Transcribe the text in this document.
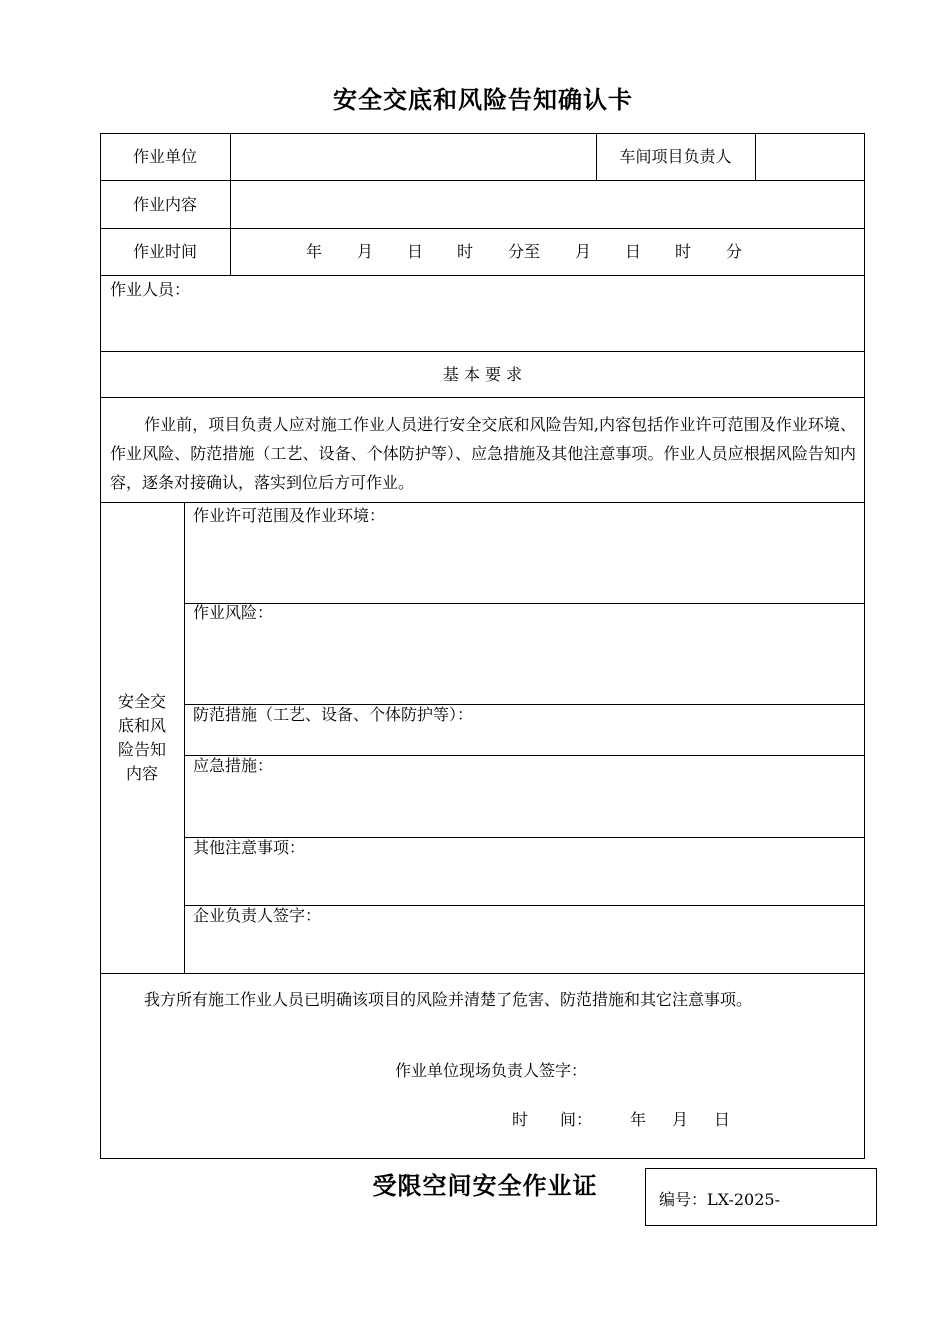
安全交底和风险告知确认卡
作业单位	车间项目负责人
作业内容
作业时间	年 月 日 时 分至 月 日 时 分
作业人员：
基 本 要 求
作业前，项目负责人应对施工作业人员进行安全交底和风险告知,内容包括作业许可范围及作业环境、作业风险、防范措施（工艺、设备、个体防护等）、应急措施及其他注意事项。作业人员应根据风险告知内容，逐条对接确认，落实到位后方可作业。
安全交
底和风
险告知
内容
作业许可范围及作业环境：
作业风险：
防范措施（工艺、设备、个体防护等）：
应急措施：
其他注意事项：
企业负责人签字：
我方所有施工作业人员已明确该项目的风险并清楚了危害、防范措施和其它注意事项。
作业单位现场负责人签字：
时　　间： 年 月 日
受限空间安全作业证	编号：LX-2025-
